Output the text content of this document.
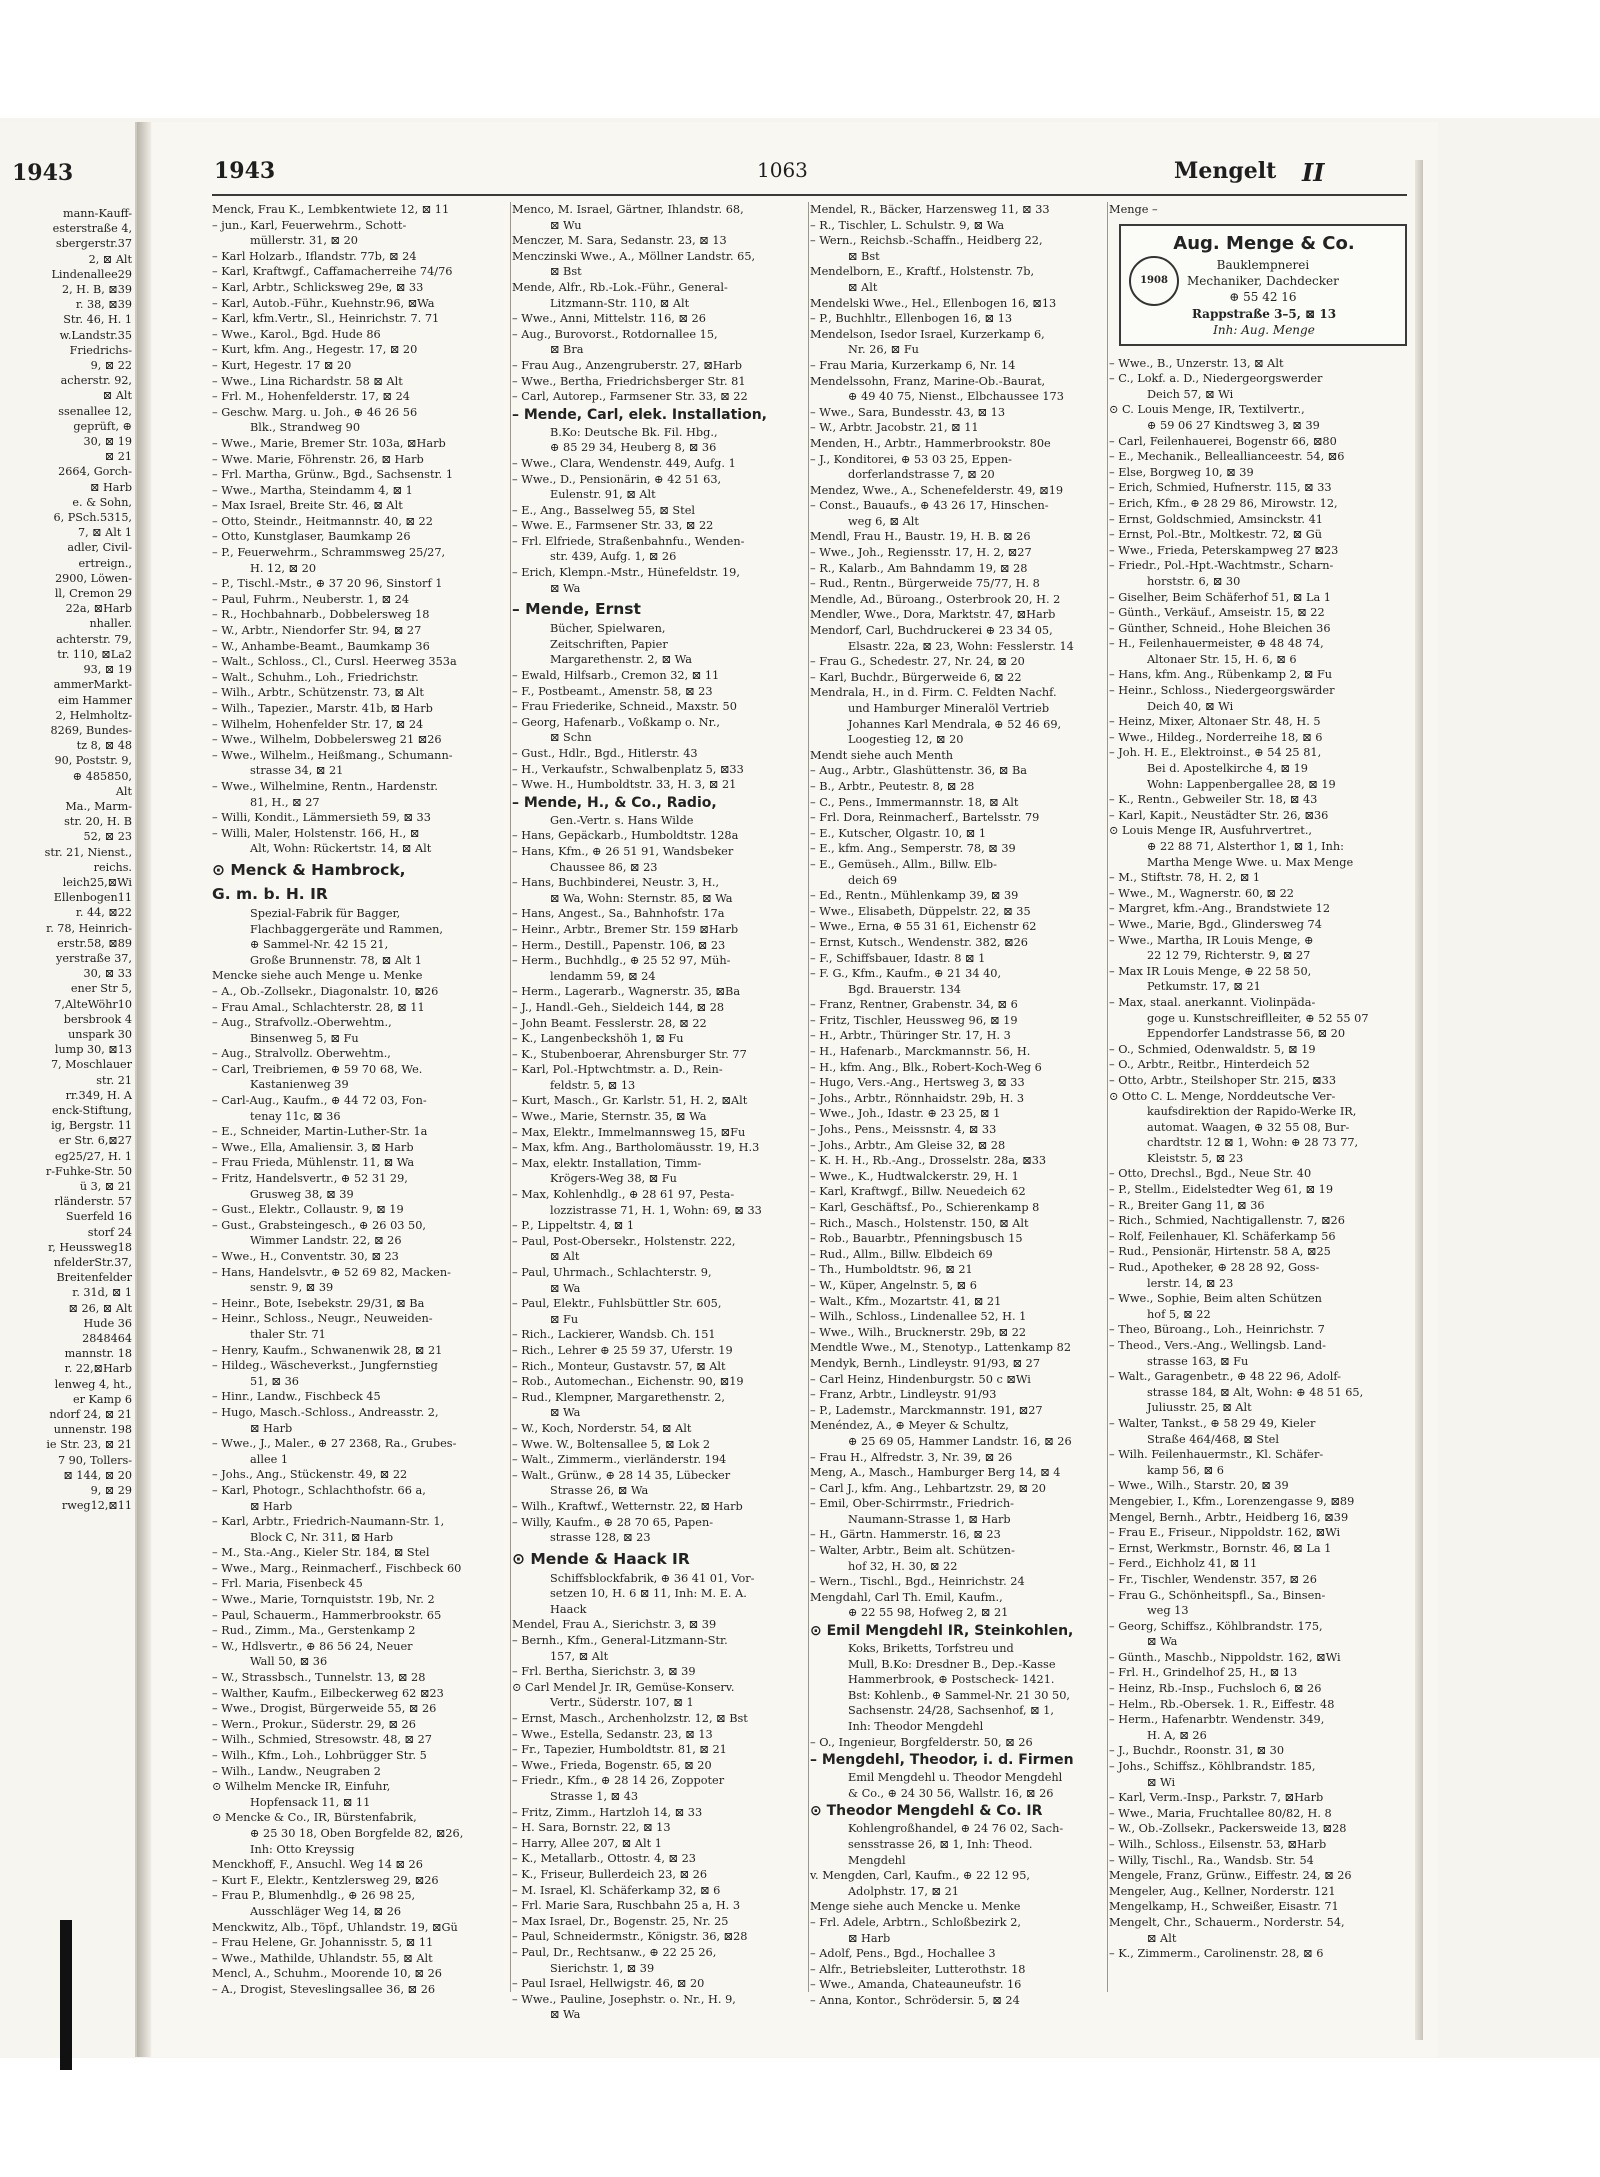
1943
mann-Kauff-
esterstraße 4,
sbergerstr.37
2, ⊠ Alt
Lindenallee29
2, H. B, ⊠39
r. 38, ⊠39
Str. 46, H. 1
w.Landstr.35
Friedrichs-
9, ⊠ 22
acherstr. 92,
⊠ Alt
ssenallee 12,
geprüft, ⊕
30, ⊠ 19
⊠ 21
2664, Gorch-
⊠ Harb
e. & Sohn,
6, PSch.5315,
7, ⊠ Alt 1
adler, Civil-
ertreign.,
2900, Löwen-
ll, Cremon 29
22a, ⊠Harb
nhaller.
achterstr. 79,
tr. 110, ⊠La2
93, ⊠ 19
ammerMarkt-
eim Hammer
2, Helmholtz-
8269, Bundes-
tz 8, ⊠ 48
90, Poststr. 9,
⊕ 485850,
Alt
Ma., Marm-
str. 20, H. B
52, ⊠ 23
str. 21, Nienst.,
reichs.
leich25,⊠Wi
Ellenbogen11
r. 44, ⊠22
r. 78, Heinrich-
erstr.58, ⊠89
yerstraße 37,
30, ⊠ 33
ener Str 5,
7,AlteWöhr10
bersbrook 4
unspark 30
lump 30, ⊠13
7, Moschlauer
str. 21
rr.349, H. A
enck-Stiftung,
ig, Bergstr. 11
er Str. 6,⊠27
eg25/27, H. 1
r-Fuhke-Str. 50
ü 3, ⊠ 21
rländerstr. 57
Suerfeld 16
storf 24
r, Heussweg18
nfelderStr.37,
Breitenfelder
r. 31d, ⊠ 1
⊠ 26, ⊠ Alt
Hude 36
2848464
mannstr. 18
r. 22,⊠Harb
lenweg 4, ht.,
er Kamp 6
ndorf 24, ⊠ 21
unnenstr. 198
ie Str. 23, ⊠ 21
7 90, Tollers-
⊠ 144, ⊠ 20
9, ⊠ 29
rweg12,⊠11
1943	1063	Mengelt II
Menck, Frau K., Lembkentwiete 12, ⊠ 11
– jun., Karl, Feuerwehrm., Schott-
müllerstr. 31, ⊠ 20
– Karl Holzarb., Iflandstr. 77b, ⊠ 24
– Karl, Kraftwgf., Caffamacherreihe 74/76
– Karl, Arbtr., Schlicksweg 29e, ⊠ 33
– Karl, Autob.-Führ., Kuehnstr.96, ⊠Wa
– Karl, kfm.Vertr., Sl., Heinrichstr. 7. 71
– Wwe., Karol., Bgd. Hude 86
– Kurt, kfm. Ang., Hegestr. 17, ⊠ 20
– Kurt, Hegestr. 17 ⊠ 20
– Wwe., Lina Richardstr. 58 ⊠ Alt
– Frl. M., Hohenfelderstr. 17, ⊠ 24
– Geschw. Marg. u. Joh., ⊕ 46 26 56
Blk., Strandweg 90
– Wwe., Marie, Bremer Str. 103a, ⊠Harb
– Wwe. Marie, Föhrenstr. 26, ⊠ Harb
– Frl. Martha, Grünw., Bgd., Sachsenstr. 1
– Wwe., Martha, Steindamm 4, ⊠ 1
– Max Israel, Breite Str. 46, ⊠ Alt
– Otto, Steindr., Heitmannstr. 40, ⊠ 22
– Otto, Kunstglaser, Baumkamp 26
– P., Feuerwehrm., Schrammsweg 25/27,
H. 12, ⊠ 20
– P., Tischl.-Mstr., ⊕ 37 20 96, Sinstorf 1
– Paul, Fuhrm., Neuberstr. 1, ⊠ 24
– R., Hochbahnarb., Dobbelersweg 18
– W., Arbtr., Niendorfer Str. 94, ⊠ 27
– W., Anhambe-Beamt., Baumkamp 36
– Walt., Schloss., Cl., Cursl. Heerweg 353a
– Walt., Schuhm., Loh., Friedrichstr.
– Wilh., Arbtr., Schützenstr. 73, ⊠ Alt
– Wilh., Tapezier., Marstr. 41b, ⊠ Harb
– Wilhelm, Hohenfelder Str. 17, ⊠ 24
– Wwe., Wilhelm, Dobbelersweg 21 ⊠26
– Wwe., Wilhelm., Heißmang., Schumann-
strasse 34, ⊠ 21
– Wwe., Wilhelmine, Rentn., Hardenstr.
81, H., ⊠ 27
– Willi, Kondit., Lämmersieth 59, ⊠ 33
– Willi, Maler, Holstenstr. 166, H., ⊠
Alt, Wohn: Rückertstr. 14, ⊠ Alt
⊙ Menck & Hambrock,
G. m. b. H. IR
Spezial-Fabrik für Bagger,
Flachbaggergeräte und Rammen,
⊕ Sammel-Nr. 42 15 21,
Große Brunnenstr. 78, ⊠ Alt 1
Mencke siehe auch Menge u. Menke
– A., Ob.-Zollsekr., Diagonalstr. 10, ⊠26
– Frau Amal., Schlachterstr. 28, ⊠ 11
– Aug., Strafvollz.-Oberwehtm.,
Binsenweg 5, ⊠ Fu
– Aug., Stralvollz. Oberwehtm.,
– Carl, Treibriemen, ⊕ 59 70 68, We.
Kastanienweg 39
– Carl-Aug., Kaufm., ⊕ 44 72 03, Fon-
tenay 11c, ⊠ 36
– E., Schneider, Martin-Luther-Str. 1a
– Wwe., Ella, Amaliensir. 3, ⊠ Harb
– Frau Frieda, Mühlenstr. 11, ⊠ Wa
– Fritz, Handelsvertr., ⊕ 52 31 29,
Grusweg 38, ⊠ 39
– Gust., Elektr., Collaustr. 9, ⊠ 19
– Gust., Grabsteingesch., ⊕ 26 03 50,
Wimmer Landstr. 22, ⊠ 26
– Wwe., H., Conventstr. 30, ⊠ 23
– Hans, Handelsvtr., ⊕ 52 69 82, Macken-
senstr. 9, ⊠ 39
– Heinr., Bote, Isebekstr. 29/31, ⊠ Ba
– Heinr., Schloss., Neugr., Neuweiden-
thaler Str. 71
– Henry, Kaufm., Schwanenwik 28, ⊠ 21
– Hildeg., Wäscheverkst., Jungfernstieg
51, ⊠ 36
– Hinr., Landw., Fischbeck 45
– Hugo, Masch.-Schloss., Andreasstr. 2,
⊠ Harb
– Wwe., J., Maler., ⊕ 27 2368, Ra., Grubes-
allee 1
– Johs., Ang., Stückenstr. 49, ⊠ 22
– Karl, Photogr., Schlachthofstr. 66 a,
⊠ Harb
– Karl, Arbtr., Friedrich-Naumann-Str. 1,
Block C, Nr. 311, ⊠ Harb
– M., Sta.-Ang., Kieler Str. 184, ⊠ Stel
– Wwe., Marg., Reinmacherf., Fischbeck 60
– Frl. Maria, Fisenbeck 45
– Wwe., Marie, Tornquiststr. 19b, Nr. 2
– Paul, Schauerm., Hammerbrookstr. 65
– Rud., Zimm., Ma., Gerstenkamp 2
– W., Hdlsvertr., ⊕ 86 56 24, Neuer
Wall 50, ⊠ 36
– W., Strassbsch., Tunnelstr. 13, ⊠ 28
– Walther, Kaufm., Eilbeckerweg 62 ⊠23
– Wwe., Drogist, Bürgerweide 55, ⊠ 26
– Wern., Prokur., Süderstr. 29, ⊠ 26
– Wilh., Schmied, Stresowstr. 48, ⊠ 27
– Wilh., Kfm., Loh., Lohbrügger Str. 5
– Wilh., Landw., Neugraben 2
⊙ Wilhelm Mencke IR, Einfuhr,
Hopfensack 11, ⊠ 11
⊙ Mencke & Co., IR, Bürstenfabrik,
⊕ 25 30 18, Oben Borgfelde 82, ⊠26,
Inh: Otto Kreyssig
Menckhoff, F., Ansuchl. Weg 14 ⊠ 26
– Kurt F., Elektr., Kentzlersweg 29, ⊠26
– Frau P., Blumenhdlg., ⊕ 26 98 25,
Ausschläger Weg 14, ⊠ 26
Menckwitz, Alb., Töpf., Uhlandstr. 19, ⊠Gü
– Frau Helene, Gr. Johannisstr. 5, ⊠ 11
– Wwe., Mathilde, Uhlandstr. 55, ⊠ Alt
Mencl, A., Schuhm., Moorende 10, ⊠ 26
– A., Drogist, Steveslingsallee 36, ⊠ 26
Menco, M. Israel, Gärtner, Ihlandstr. 68,
⊠ Wu
Menczer, M. Sara, Sedanstr. 23, ⊠ 13
Menczinski Wwe., A., Möllner Landstr. 65,
⊠ Bst
Mende, Alfr., Rb.-Lok.-Führ., General-
Litzmann-Str. 110, ⊠ Alt
– Wwe., Anni, Mittelstr. 116, ⊠ 26
– Aug., Burovorst., Rotdornallee 15,
⊠ Bra
– Frau Aug., Anzengruberstr. 27, ⊠Harb
– Wwe., Bertha, Friedrichsberger Str. 81
– Carl, Autorep., Farmsener Str. 33, ⊠ 22
– Mende, Carl, elek. Installation,
B.Ko: Deutsche Bk. Fil. Hbg.,
⊕ 85 29 34, Heuberg 8, ⊠ 36
– Wwe., Clara, Wendenstr. 449, Aufg. 1
– Wwe., D., Pensionärin, ⊕ 42 51 63,
Eulenstr. 91, ⊠ Alt
– E., Ang., Basselweg 55, ⊠ Stel
– Wwe. E., Farmsener Str. 33, ⊠ 22
– Frl. Elfriede, Straßenbahnfu., Wenden-
str. 439, Aufg. 1, ⊠ 26
– Erich, Klempn.-Mstr., Hünefeldstr. 19,
⊠ Wa
– Mende, Ernst
Bücher, Spielwaren,
Zeitschriften, Papier
Margarethenstr. 2, ⊠ Wa
– Ewald, Hilfsarb., Cremon 32, ⊠ 11
– F., Postbeamt., Amenstr. 58, ⊠ 23
– Frau Friederike, Schneid., Maxstr. 50
– Georg, Hafenarb., Voßkamp o. Nr.,
⊠ Schn
– Gust., Hdlr., Bgd., Hitlerstr. 43
– H., Verkaufstr., Schwalbenplatz 5, ⊠33
– Wwe. H., Humboldtstr. 33, H. 3, ⊠ 21
– Mende, H., & Co., Radio,
Gen.-Vertr. s. Hans Wilde
– Hans, Gepäckarb., Humboldtstr. 128a
– Hans, Kfm., ⊕ 26 51 91, Wandsbeker
Chaussee 86, ⊠ 23
– Hans, Buchbinderei, Neustr. 3, H.,
⊠ Wa, Wohn: Sternstr. 85, ⊠ Wa
– Hans, Angest., Sa., Bahnhofstr. 17a
– Heinr., Arbtr., Bremer Str. 159 ⊠Harb
– Herm., Destill., Papenstr. 106, ⊠ 23
– Herm., Buchhdlg., ⊕ 25 52 97, Müh-
lendamm 59, ⊠ 24
– Herm., Lagerarb., Wagnerstr. 35, ⊠Ba
– J., Handl.-Geh., Sieldeich 144, ⊠ 28
– John Beamt. Fesslerstr. 28, ⊠ 22
– K., Langenbeckshöh 1, ⊠ Fu
– K., Stubenboerar, Ahrensburger Str. 77
– Karl, Pol.-Hptwchtmstr. a. D., Rein-
feldstr. 5, ⊠ 13
– Kurt, Masch., Gr. Karlstr. 51, H. 2, ⊠Alt
– Wwe., Marie, Sternstr. 35, ⊠ Wa
– Max, Elektr., Immelmannsweg 15, ⊠Fu
– Max, kfm. Ang., Bartholomäusstr. 19, H.3
– Max, elektr. Installation, Timm-
Krögers-Weg 38, ⊠ Fu
– Max, Kohlenhdlg., ⊕ 28 61 97, Pesta-
lozzistrasse 71, H. 1, Wohn: 69, ⊠ 33
– P., Lippeltstr. 4, ⊠ 1
– Paul, Post-Obersekr., Holstenstr. 222,
⊠ Alt
– Paul, Uhrmach., Schlachterstr. 9,
⊠ Wa
– Paul, Elektr., Fuhlsbüttler Str. 605,
⊠ Fu
– Rich., Lackierer, Wandsb. Ch. 151
– Rich., Lehrer ⊕ 25 59 37, Uferstr. 19
– Rich., Monteur, Gustavstr. 57, ⊠ Alt
– Rob., Automechan., Eichenstr. 90, ⊠19
– Rud., Klempner, Margarethenstr. 2,
⊠ Wa
– W., Koch, Norderstr. 54, ⊠ Alt
– Wwe. W., Boltensallee 5, ⊠ Lok 2
– Walt., Zimmerm., vierländerstr. 194
– Walt., Grünw., ⊕ 28 14 35, Lübecker
Strasse 26, ⊠ Wa
– Wilh., Kraftwf., Wetternstr. 22, ⊠ Harb
– Willy, Kaufm., ⊕ 28 70 65, Papen-
strasse 128, ⊠ 23
⊙ Mende & Haack IR
Schiffsblockfabrik, ⊕ 36 41 01, Vor-
setzen 10, H. 6 ⊠ 11, Inh: M. E. A.
Haack
Mendel, Frau A., Sierichstr. 3, ⊠ 39
– Bernh., Kfm., General-Litzmann-Str.
157, ⊠ Alt
– Frl. Bertha, Sierichstr. 3, ⊠ 39
⊙ Carl Mendel Jr. IR, Gemüse-Konserv.
Vertr., Süderstr. 107, ⊠ 1
– Ernst, Masch., Archenholzstr. 12, ⊠ Bst
– Wwe., Estella, Sedanstr. 23, ⊠ 13
– Fr., Tapezier, Humboldtstr. 81, ⊠ 21
– Wwe., Frieda, Bogenstr. 65, ⊠ 20
– Friedr., Kfm., ⊕ 28 14 26, Zoppoter
Strasse 1, ⊠ 43
– Fritz, Zimm., Hartzloh 14, ⊠ 33
– H. Sara, Bornstr. 22, ⊠ 13
– Harry, Allee 207, ⊠ Alt 1
– K., Metallarb., Ottostr. 4, ⊠ 23
– K., Friseur, Bullerdeich 23, ⊠ 26
– M. Israel, Kl. Schäferkamp 32, ⊠ 6
– Frl. Marie Sara, Ruschbahn 25 a, H. 3
– Max Israel, Dr., Bogenstr. 25, Nr. 25
– Paul, Schneidermstr., Königstr. 36, ⊠28
– Paul, Dr., Rechtsanw., ⊕ 22 25 26,
Sierichstr. 1, ⊠ 39
– Paul Israel, Hellwigstr. 46, ⊠ 20
– Wwe., Pauline, Josephstr. o. Nr., H. 9,
⊠ Wa
Mendel, R., Bäcker, Harzensweg 11, ⊠ 33
– R., Tischler, L. Schulstr. 9, ⊠ Wa
– Wern., Reichsb.-Schaffn., Heidberg 22,
⊠ Bst
Mendelborn, E., Kraftf., Holstenstr. 7b,
⊠ Alt
Mendelski Wwe., Hel., Ellenbogen 16, ⊠13
– P., Buchhltr., Ellenbogen 16, ⊠ 13
Mendelson, Isedor Israel, Kurzerkamp 6,
Nr. 26, ⊠ Fu
– Frau Maria, Kurzerkamp 6, Nr. 14
Mendelssohn, Franz, Marine-Ob.-Baurat,
⊕ 49 40 75, Nienst., Elbchaussee 173
– Wwe., Sara, Bundesstr. 43, ⊠ 13
– W., Arbtr. Jacobstr. 21, ⊠ 11
Menden, H., Arbtr., Hammerbrookstr. 80e
– J., Konditorei, ⊕ 53 03 25, Eppen-
dorferlandstrasse 7, ⊠ 20
Mendez, Wwe., A., Schenefelderstr. 49, ⊠19
– Const., Bauaufs., ⊕ 43 26 17, Hinschen-
weg 6, ⊠ Alt
Mendl, Frau H., Baustr. 19, H. B. ⊠ 26
– Wwe., Joh., Regiensstr. 17, H. 2, ⊠27
– R., Kalarb., Am Bahndamm 19, ⊠ 28
– Rud., Rentn., Bürgerweide 75/77, H. 8
Mendle, Ad., Büroang., Osterbrook 20, H. 2
Mendler, Wwe., Dora, Marktstr. 47, ⊠Harb
Mendorf, Carl, Buchdruckerei ⊕ 23 34 05,
Elsastr. 22a, ⊠ 23, Wohn: Fesslerstr. 14
– Frau G., Schedestr. 27, Nr. 24, ⊠ 20
– Karl, Buchdr., Bürgerweide 6, ⊠ 22
Mendrala, H., in d. Firm. C. Feldten Nachf.
und Hamburger Mineralöl Vertrieb
Johannes Karl Mendrala, ⊕ 52 46 69,
Loogestieg 12, ⊠ 20
Mendt siehe auch Menth
– Aug., Arbtr., Glashüttenstr. 36, ⊠ Ba
– B., Arbtr., Peutestr. 8, ⊠ 28
– C., Pens., Immermannstr. 18, ⊠ Alt
– Frl. Dora, Reinmacherf., Bartelsstr. 79
– E., Kutscher, Olgastr. 10, ⊠ 1
– E., kfm. Ang., Semperstr. 78, ⊠ 39
– E., Gemüseh., Allm., Billw. Elb-
deich 69
– Ed., Rentn., Mühlenkamp 39, ⊠ 39
– Wwe., Elisabeth, Düppelstr. 22, ⊠ 35
– Wwe., Erna, ⊕ 55 31 61, Eichenstr 62
– Ernst, Kutsch., Wendenstr. 382, ⊠26
– F., Schiffsbauer, Idastr. 8 ⊠ 1
– F. G., Kfm., Kaufm., ⊕ 21 34 40,
Bgd. Brauerstr. 134
– Franz, Rentner, Grabenstr. 34, ⊠ 6
– Fritz, Tischler, Heussweg 96, ⊠ 19
– H., Arbtr., Thüringer Str. 17, H. 3
– H., Hafenarb., Marckmannstr. 56, H.
– H., kfm. Ang., Blk., Robert-Koch-Weg 6
– Hugo, Vers.-Ang., Hertsweg 3, ⊠ 33
– Johs., Arbtr., Rönnhaidstr. 29b, H. 3
– Wwe., Joh., Idastr. ⊕ 23 25, ⊠ 1
– Johs., Pens., Meissnstr. 4, ⊠ 33
– Johs., Arbtr., Am Gleise 32, ⊠ 28
– K. H. H., Rb.-Ang., Drosselstr. 28a, ⊠33
– Wwe., K., Hudtwalckerstr. 29, H. 1
– Karl, Kraftwgf., Billw. Neuedeich 62
– Karl, Geschäftsf., Po., Schierenkamp 8
– Rich., Masch., Holstenstr. 150, ⊠ Alt
– Rob., Bauarbtr., Pfenningsbusch 15
– Rud., Allm., Billw. Elbdeich 69
– Th., Humboldtstr. 96, ⊠ 21
– W., Küper, Angelnstr. 5, ⊠ 6
– Walt., Kfm., Mozartstr. 41, ⊠ 21
– Wilh., Schloss., Lindenallee 52, H. 1
– Wwe., Wilh., Brucknerstr. 29b, ⊠ 22
Mendtle Wwe., M., Stenotyp., Lattenkamp 82
Mendyk, Bernh., Lindleystr. 91/93, ⊠ 27
– Carl Heinz, Hindenburgstr. 50 c ⊠Wi
– Franz, Arbtr., Lindleystr. 91/93
– P., Lademstr., Marckmannstr. 191, ⊠27
Menéndez, A., ⊕ Meyer & Schultz,
⊕ 25 69 05, Hammer Landstr. 16, ⊠ 26
– Frau H., Alfredstr. 3, Nr. 39, ⊠ 26
Meng, A., Masch., Hamburger Berg 14, ⊠ 4
– Carl J., kfm. Ang., Lehbartzstr. 29, ⊠ 20
– Emil, Ober-Schirrmstr., Friedrich-
Naumann-Strasse 1, ⊠ Harb
– H., Gärtn. Hammerstr. 16, ⊠ 23
– Walter, Arbtr., Beim alt. Schützen-
hof 32, H. 30, ⊠ 22
– Wern., Tischl., Bgd., Heinrichstr. 24
Mengdahl, Carl Th. Emil, Kaufm.,
⊕ 22 55 98, Hofweg 2, ⊠ 21
⊙ Emil Mengdehl IR, Steinkohlen,
Koks, Briketts, Torfstreu und
Mull, B.Ko: Dresdner B., Dep.-Kasse
Hammerbrook, ⊕ Postscheck- 1421.
Bst: Kohlenb., ⊕ Sammel-Nr. 21 30 50,
Sachsenstr. 24/28, Sachsenhof, ⊠ 1,
Inh: Theodor Mengdehl
– O., Ingenieur, Borgfelderstr. 50, ⊠ 26
– Mengdehl, Theodor, i. d. Firmen
Emil Mengdehl u. Theodor Mengdehl
& Co., ⊕ 24 30 56, Wallstr. 16, ⊠ 26
⊙ Theodor Mengdehl & Co. IR
Kohlengroßhandel, ⊕ 24 76 02, Sach-
sensstrasse 26, ⊠ 1, Inh: Theod.
Mengdehl
v. Mengden, Carl, Kaufm., ⊕ 22 12 95,
Adolphstr. 17, ⊠ 21
Menge siehe auch Mencke u. Menke
– Frl. Adele, Arbtrn., Schloßbezirk 2,
⊠ Harb
– Adolf, Pens., Bgd., Hochallee 3
– Alfr., Betriebsleiter, Lutterothstr. 18
– Wwe., Amanda, Chateauneufstr. 16
– Anna, Kontor., Schrödersir. 5, ⊠ 24
Menge –
Aug. Menge & Co.
1908
Bauklempnerei
Mechaniker, Dachdecker
⊕ 55 42 16
Rappstraße 3–5, ⊠ 13
Inh: Aug. Menge
– Wwe., B., Unzerstr. 13, ⊠ Alt
– C., Lokf. a. D., Niedergeorgswerder
Deich 57, ⊠ Wi
⊙ C. Louis Menge, IR, Textilvertr.,
⊕ 59 06 27 Kindtsweg 3, ⊠ 39
– Carl, Feilenhauerei, Bogenstr 66, ⊠80
– E., Mechanik., Belleallianceestr. 54, ⊠6
– Else, Borgweg 10, ⊠ 39
– Erich, Schmied, Hufnerstr. 115, ⊠ 33
– Erich, Kfm., ⊕ 28 29 86, Mirowstr. 12,
– Ernst, Goldschmied, Amsinckstr. 41
– Ernst, Pol.-Btr., Moltkestr. 72, ⊠ Gü
– Wwe., Frieda, Peterskampweg 27 ⊠23
– Friedr., Pol.-Hpt.-Wachtmstr., Scharn-
horststr. 6, ⊠ 30
– Giselher, Beim Schäferhof 51, ⊠ La 1
– Günth., Verkäuf., Amseistr. 15, ⊠ 22
– Günther, Schneid., Hohe Bleichen 36
– H., Feilenhauermeister, ⊕ 48 48 74,
Altonaer Str. 15, H. 6, ⊠ 6
– Hans, kfm. Ang., Rübenkamp 2, ⊠ Fu
– Heinr., Schloss., Niedergeorgswärder
Deich 40, ⊠ Wi
– Heinz, Mixer, Altonaer Str. 48, H. 5
– Wwe., Hildeg., Norderreihe 18, ⊠ 6
– Joh. H. E., Elektroinst., ⊕ 54 25 81,
Bei d. Apostelkirche 4, ⊠ 19
Wohn: Lappenbergallee 28, ⊠ 19
– K., Rentn., Gebweiler Str. 18, ⊠ 43
– Karl, Kapit., Neustädter Str. 26, ⊠36
⊙ Louis Menge IR, Ausfuhrvertret.,
⊕ 22 88 71, Alsterthor 1, ⊠ 1, Inh:
Martha Menge Wwe. u. Max Menge
– M., Stiftstr. 78, H. 2, ⊠ 1
– Wwe., M., Wagnerstr. 60, ⊠ 22
– Margret, kfm.-Ang., Brandstwiete 12
– Wwe., Marie, Bgd., Glindersweg 74
– Wwe., Martha, IR Louis Menge, ⊕
22 12 79, Richterstr. 9, ⊠ 27
– Max IR Louis Menge, ⊕ 22 58 50,
Petkumstr. 17, ⊠ 21
– Max, staal. anerkannt. Violinpäda-
goge u. Kunstschreiflleiter, ⊕ 52 55 07
Eppendorfer Landstrasse 56, ⊠ 20
– O., Schmied, Odenwaldstr. 5, ⊠ 19
– O., Arbtr., Reitbr., Hinterdeich 52
– Otto, Arbtr., Steilshoper Str. 215, ⊠33
⊙ Otto C. L. Menge, Norddeutsche Ver-
kaufsdirektion der Rapido-Werke IR,
automat. Waagen, ⊕ 32 55 08, Bur-
chardtstr. 12 ⊠ 1, Wohn: ⊕ 28 73 77,
Kleiststr. 5, ⊠ 23
– Otto, Drechsl., Bgd., Neue Str. 40
– P., Stellm., Eidelstedter Weg 61, ⊠ 19
– R., Breiter Gang 11, ⊠ 36
– Rich., Schmied, Nachtigallenstr. 7, ⊠26
– Rolf, Feilenhauer, Kl. Schäferkamp 56
– Rud., Pensionär, Hirtenstr. 58 A, ⊠25
– Rud., Apotheker, ⊕ 28 28 92, Goss-
lerstr. 14, ⊠ 23
– Wwe., Sophie, Beim alten Schützen
hof 5, ⊠ 22
– Theo, Büroang., Loh., Heinrichstr. 7
– Theod., Vers.-Ang., Wellingsb. Land-
strasse 163, ⊠ Fu
– Walt., Garagenbetr., ⊕ 48 22 96, Adolf-
strasse 184, ⊠ Alt, Wohn: ⊕ 48 51 65,
Juliusstr. 25, ⊠ Alt
– Walter, Tankst., ⊕ 58 29 49, Kieler
Straße 464/468, ⊠ Stel
– Wilh. Feilenhauermstr., Kl. Schäfer-
kamp 56, ⊠ 6
– Wwe., Wilh., Starstr. 20, ⊠ 39
Mengebier, I., Kfm., Lorenzengasse 9, ⊠89
Mengel, Bernh., Arbtr., Heidberg 16, ⊠39
– Frau E., Friseur., Nippoldstr. 162, ⊠Wi
– Ernst, Werkmstr., Bornstr. 46, ⊠ La 1
– Ferd., Eichholz 41, ⊠ 11
– Fr., Tischler, Wendenstr. 357, ⊠ 26
– Frau G., Schönheitspfl., Sa., Binsen-
weg 13
– Georg, Schiffsz., Köhlbrandstr. 175,
⊠ Wa
– Günth., Maschb., Nippoldstr. 162, ⊠Wi
– Frl. H., Grindelhof 25, H., ⊠ 13
– Heinz, Rb.-Insp., Fuchsloch 6, ⊠ 26
– Helm., Rb.-Obersek. 1. R., Eiffestr. 48
– Herm., Hafenarbtr. Wendenstr. 349,
H. A, ⊠ 26
– J., Buchdr., Roonstr. 31, ⊠ 30
– Johs., Schiffsz., Köhlbrandstr. 185,
⊠ Wi
– Karl, Verm.-Insp., Parkstr. 7, ⊠Harb
– Wwe., Maria, Fruchtallee 80/82, H. 8
– W., Ob.-Zollsekr., Packersweide 13, ⊠28
– Wilh., Schloss., Eilsenstr. 53, ⊠Harb
– Willy, Tischl., Ra., Wandsb. Str. 54
Mengele, Franz, Grünw., Eiffestr. 24, ⊠ 26
Mengeler, Aug., Kellner, Norderstr. 121
Mengelkamp, H., Schweißer, Eisastr. 71
Mengelt, Chr., Schauerm., Norderstr. 54,
⊠ Alt
– K., Zimmerm., Carolinenstr. 28, ⊠ 6
